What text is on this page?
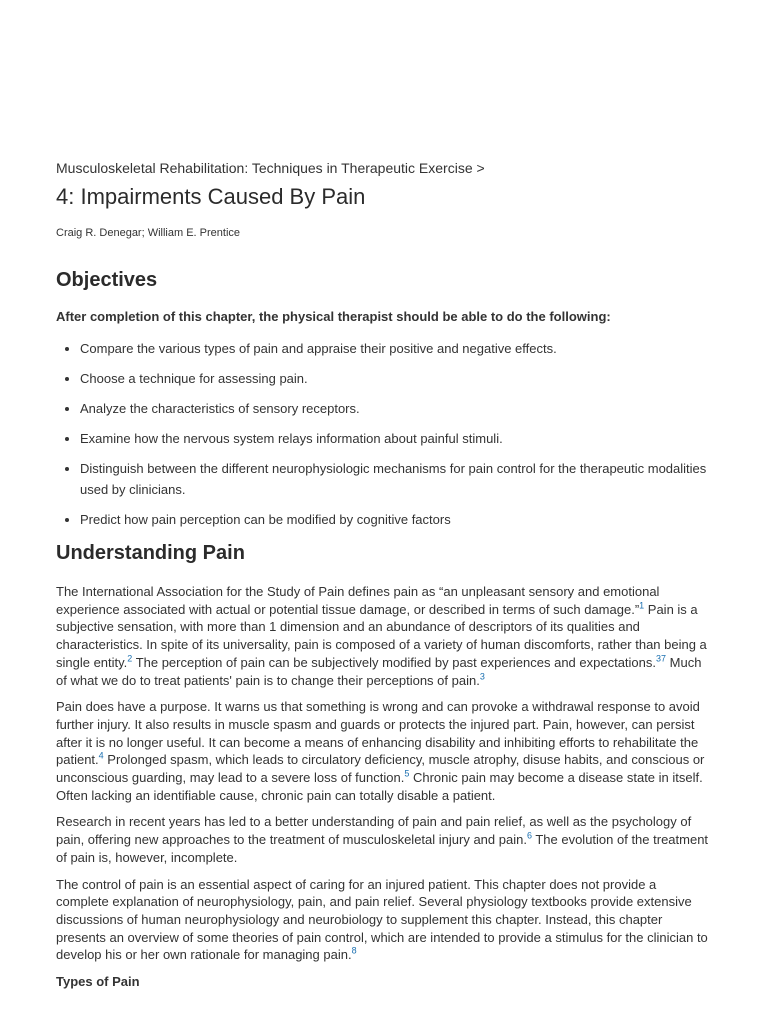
Musculoskeletal Rehabilitation: Techniques in Therapeutic Exercise >

4: Impairments Caused By Pain

Craig R. Denegar; William E. Prentice

Objectives

After completion of this chapter, the physical therapist should be able to do the following:

• Compare the various types of pain and appraise their positive and negative effects.
• Choose a technique for assessing pain.
• Analyze the characteristics of sensory receptors.
• Examine how the nervous system relays information about painful stimuli.
• Distinguish between the different neurophysiologic mechanisms for pain control for the therapeutic modalities used by clinicians.
• Predict how pain perception can be modified by cognitive factors
Understanding Pain

The International Association for the Study of Pain defines pain as “an unpleasant sensory and emotional experience associated with actual or potential tissue damage, or described in terms of such damage.”$^1$ Pain is a subjective sensation, with more than 1 dimension and an abundance of descriptors of its qualities and characteristics. In spite of its universality, pain is composed of a variety of human discomforts, rather than being a single entity.$^2$ The perception of pain can be subjectively modified by past experiences and expectations.$^{37}$ Much of what we do to treat patients' pain is to change their perceptions of pain.$^3$

Pain does have a purpose. It warns us that something is wrong and can provoke a withdrawal response to avoid further injury. It also results in muscle spasm and guards or protects the injured part. Pain, however, can persist after it is no longer useful. It can become a means of enhancing disability and inhibiting efforts to rehabilitate the patient.$^4$ Prolonged spasm, which leads to circulatory deficiency, muscle atrophy, disuse habits, and conscious or unconscious guarding, may lead to a severe loss of function.$^5$ Chronic pain may become a disease state in itself. Often lacking an identifiable cause, chronic pain can totally disable a patient.

Research in recent years has led to a better understanding of pain and pain relief, as well as the psychology of pain, offering new approaches to the treatment of musculoskeletal injury and pain.$^6$ The evolution of the treatment of pain is, however, incomplete.

The control of pain is an essential aspect of caring for an injured patient. This chapter does not provide a complete explanation of neurophysiology, pain, and pain relief. Several physiology textbooks provide extensive discussions of human neurophysiology and neurobiology to supplement this chapter. Instead, this chapter presents an overview of some theories of pain control, which are intended to provide a stimulus for the clinician to develop his or her own rationale for managing pain.$^8$

Types of Pain
